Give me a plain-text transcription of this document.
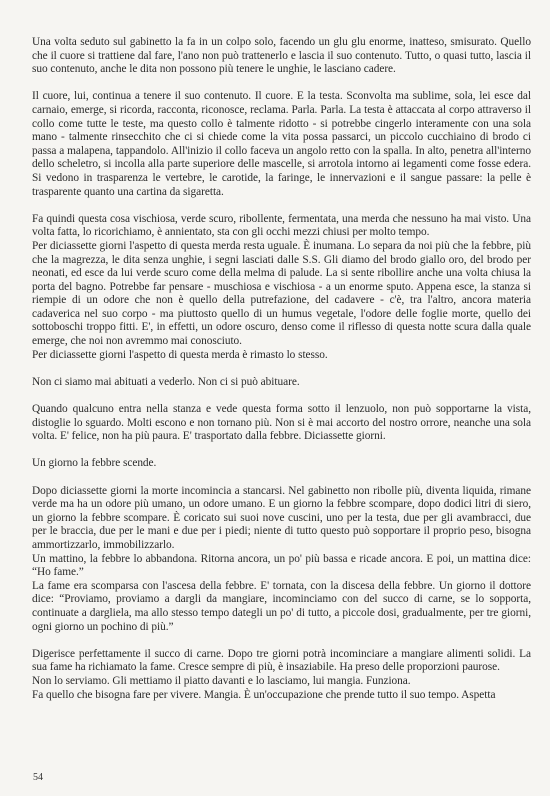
Una volta seduto sul gabinetto la fa in un colpo solo, facendo un glu glu enorme, inatteso, smisurato. Quello che il cuore si trattiene dal fare, l'ano non può trattenerlo e lascia il suo contenuto. Tutto, o quasi tutto, lascia il suo contenuto, anche le dita non possono più tenere le unghie, le lasciano cadere.

Il cuore, lui, continua a tenere il suo contenuto. Il cuore. E la testa. Sconvolta ma sublime, sola, lei esce dal carnaio, emerge, si ricorda, racconta, riconosce, reclama. Parla. Parla. La testa è attaccata al corpo attraverso il collo come tutte le teste, ma questo collo è talmente ridotto - si potrebbe cingerlo interamente con una sola mano - talmente rinsecchito che ci si chiede come la vita possa passarci, un piccolo cucchiaino di brodo ci passa a malapena, tappandolo. All'inizio il collo faceva un angolo retto con la spalla. In alto, penetra all'interno dello scheletro, si incolla alla parte superiore delle mascelle, si arrotola intorno ai legamenti come fosse edera. Si vedono in trasparenza le vertebre, le carotide, la faringe, le innervazioni e il sangue passare: la pelle è trasparente quanto una cartina da sigaretta.

Fa quindi questa cosa vischiosa, verde scuro, ribollente, fermentata, una merda che nessuno ha mai visto. Una volta fatta, lo ricorichiamo, è annientato, sta con gli occhi mezzi chiusi per molto tempo.

Per diciassette giorni l'aspetto di questa merda resta uguale. È inumana. Lo separa da noi più che la febbre, più che la magrezza, le dita senza unghie, i segni lasciati dalle S.S. Gli diamo del brodo giallo oro, del brodo per neonati, ed esce da lui verde scuro come della melma di palude. La si sente ribollire anche una volta chiusa la porta del bagno. Potrebbe far pensare - muschiosa e vischiosa - a un enorme sputo. Appena esce, la stanza si riempie di un odore che non è quello della putrefazione, del cadavere - c'è, tra l'altro, ancora materia cadaverica nel suo corpo - ma piuttosto quello di un humus vegetale, l'odore delle foglie morte, quello dei sottoboschi troppo fitti. E', in effetti, un odore oscuro, denso come il riflesso di questa notte scura dalla quale emerge, che noi non avremmo mai conosciuto.

Per diciassette giorni l'aspetto di questa merda è rimasto lo stesso.

Non ci siamo mai abituati a vederlo. Non ci si può abituare.

Quando qualcuno entra nella stanza e vede questa forma sotto il lenzuolo, non può sopportarne la vista, distoglie lo sguardo. Molti escono e non tornano più. Non si è mai accorto del nostro orrore, neanche una sola volta. E' felice, non ha più paura. E' trasportato dalla febbre. Diciassette giorni.

Un giorno la febbre scende.

Dopo diciassette giorni la morte incomincia a stancarsi. Nel gabinetto non ribolle più, diventa liquida, rimane verde ma ha un odore più umano, un odore umano. E un giorno la febbre scompare, dopo dodici litri di siero, un giorno la febbre scompare. È coricato sui suoi nove cuscini, uno per la testa, due per gli avambracci, due per le braccia, due per le mani e due per i piedi; niente di tutto questo può sopportare il proprio peso, bisogna ammortizzarlo, immobilizzarlo.

Un mattino, la febbre lo abbandona. Ritorna ancora, un po' più bassa e ricade ancora. E poi, un mattina dice: “Ho fame.”

La fame era scomparsa con l'ascesa della febbre. E' tornata, con la discesa della febbre. Un giorno il dottore dice: “Proviamo, proviamo a dargli da mangiare, incominciamo con del succo di carne, se lo sopporta, continuate a dargliela, ma allo stesso tempo dategli un po' di tutto, a piccole dosi, gradualmente, per tre giorni, ogni giorno un pochino di più.”

Digerisce perfettamente il succo di carne. Dopo tre giorni potrà incominciare a mangiare alimenti solidi. La sua fame ha richiamato la fame. Cresce sempre di più, è insaziabile. Ha preso delle proporzioni paurose.

Non lo serviamo. Gli mettiamo il piatto davanti e lo lasciamo, lui mangia. Funziona.

Fa quello che bisogna fare per vivere. Mangia. È un'occupazione che prende tutto il suo tempo. Aspetta

54
